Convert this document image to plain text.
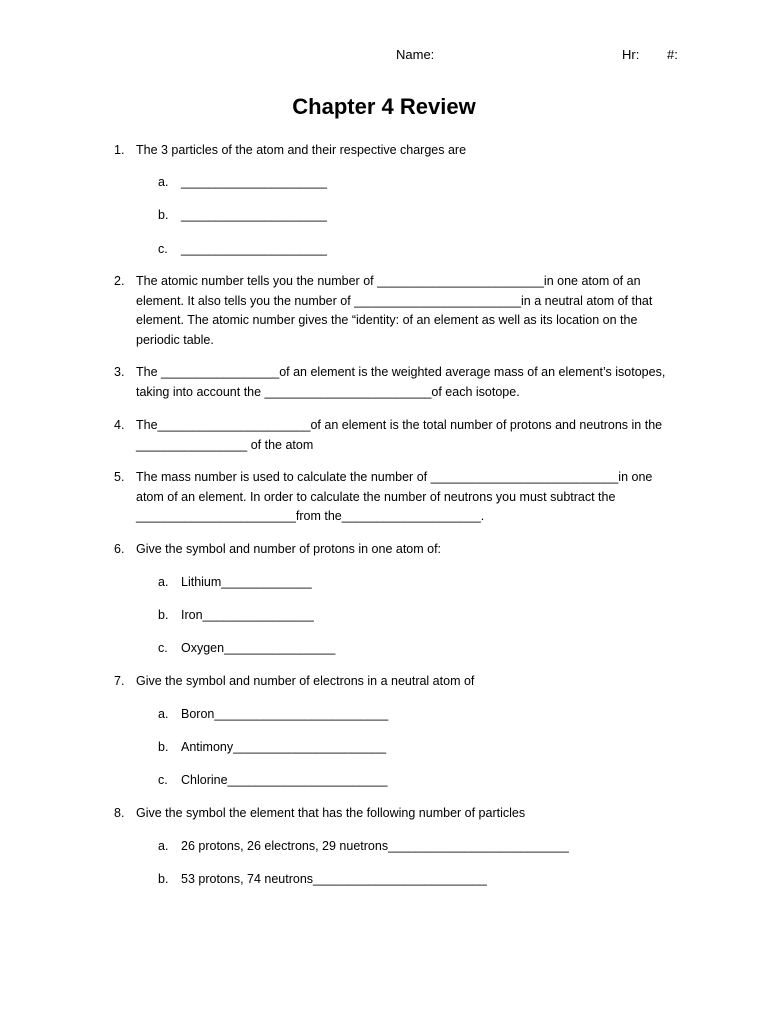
Name:	Hr: #:
Chapter 4 Review
1. The 3 particles of the atom and their respective charges are
a. _____________________
b. _____________________
c. _____________________
2. The atomic number tells you the number of ________________________in one atom of an element. It also tells you the number of ________________________in a neutral atom of that element. The atomic number gives the “identity: of an element as well as its location on the periodic table.
3. The _________________of an element is the weighted average mass of an element’s isotopes, taking into account the ________________________of each isotope.
4. The______________________of an element is the total number of protons and neutrons in the ________________ of the atom
5. The mass number is used to calculate the number of ___________________________in one atom of an element. In order to calculate the number of neutrons you must subtract the _______________________from the____________________.
6. Give the symbol and number of protons in one atom of:
a. Lithium_____________
b. Iron________________
c. Oxygen________________
7. Give the symbol and number of electrons in a neutral atom of
a. Boron_________________________
b. Antimony______________________
c. Chlorine_______________________
8. Give the symbol the element that has the following number of particles
a. 26 protons, 26 electrons, 29 nuetrons__________________________
b. 53 protons, 74 neutrons_________________________
